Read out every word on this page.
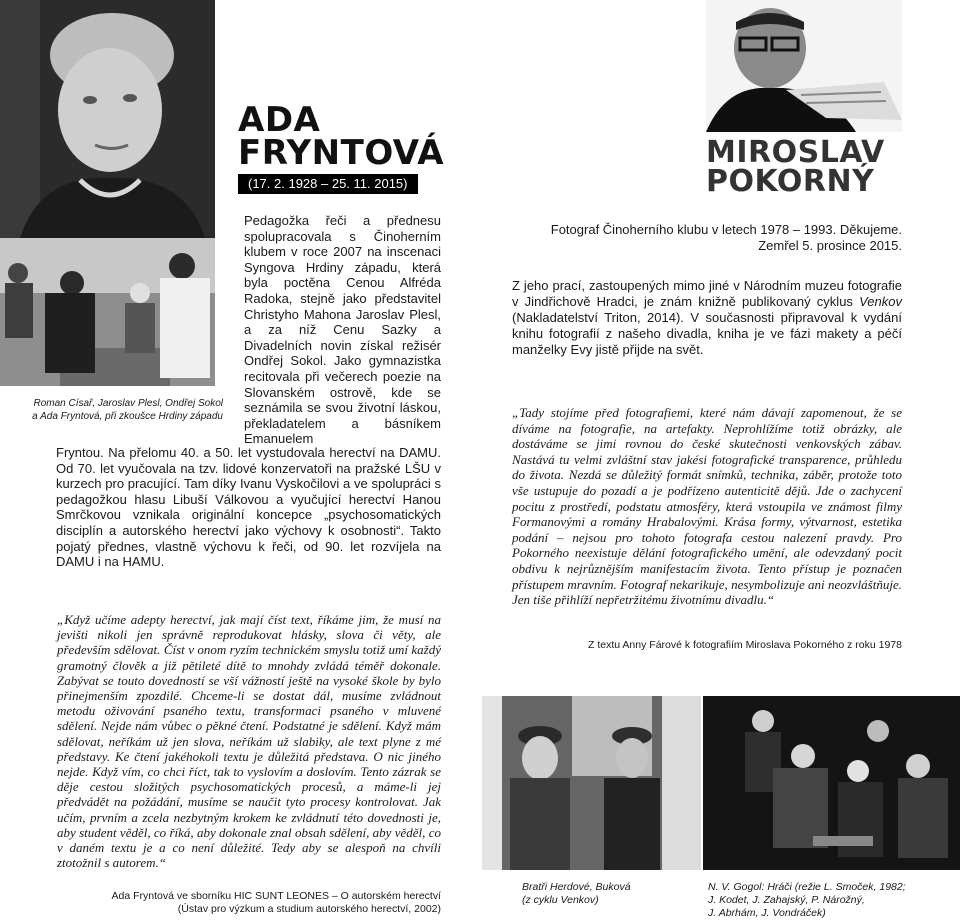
ADA
FRYNTOVÁ
(17. 2. 1928 – 25. 11. 2015)
Roman Císař, Jaroslav Plesl, Ondřej Sokol
a Ada Fryntová, při zkoušce Hrdiny západu

Pedagožka řeči a přednesu spolupracovala s Činoherním klubem v roce 2007 na inscenaci Syngova Hrdiny západu, která byla poctěna Cenou Alfréda Radoka, stejně jako představitel Christyho Mahona Jaroslav Plesl, a za níž Cenu Sazky a Divadelních novin získal režisér Ondřej Sokol. Jako gymnazistka recitovala při večerech poezie na Slovanském ostrově, kde se seznámila se svou životní láskou, překladatelem a básníkem Emanuelem

Fryntou. Na přelomu 40. a 50. let vystudovala herectví na DAMU. Od 70. let vyučovala na tzv. lidové konzervatoři na pražské LŠU v kurzech pro pracující. Tam díky Ivanu Vyskočilovi a ve spolupráci s pedagožkou hlasu Libuší Válkovou a vyučující herectví Hanou Smrčkovou vznikala originální koncepce „psychosomatických disciplín a autorského herectví jako výchovy k osobnosti“. Takto pojatý přednes, vlastně výchovu k řeči, od 90. let rozvíjela na DAMU i na HAMU.

„Když učíme adepty herectví, jak mají číst text, říkáme jim, že musí na jevišti nikoli jen správně reprodukovat hlásky, slova či věty, ale především sdělovat. Číst v onom ryzím technickém smyslu totiž umí každý gramotný člověk a již pětileté dítě to mnohdy zvládá téměř dokonale. Zabývat se touto dovedností se vší vážností ještě na vysoké škole by bylo přinejmenším zpozdilé. Chceme-li se dostat dál, musíme zvládnout metodu oživování psaného textu, transformaci psaného v mluvené sdělení. Nejde nám vůbec o pěkné čtení. Podstatné je sdělení. Když mám sdělovat, neříkám už jen slova, neříkám už slabiky, ale text plyne z mé představy. Ke čtení jakéhokoli textu je důležitá představa. O nic jiného nejde. Když vím, co chci říct, tak to vyslovím a doslovím. Tento zázrak se děje cestou složitých psychosomatických procesů, a máme-li jej předvádět na požádání, musíme se naučit tyto procesy kontrolovat. Jak učím, prvním a zcela nezbytným krokem ke zvládnutí této dovednosti je, aby student věděl, co říká, aby dokonale znal obsah sdělení, aby věděl, co v daném textu je a co není důležité. Tedy aby se alespoň na chvíli ztotožnil s autorem.“

Ada Fryntová ve sborníku HIC SUNT LEONES – O autorském herectví
(Ústav pro výzkum a studium autorského herectví, 2002)
MIROSLAV
POKORNÝ
Fotograf Činoherního klubu v letech 1978 – 1993. Děkujeme.
Zemřel 5. prosince 2015.

Z jeho prací, zastoupených mimo jiné v Národním muzeu fotografie v Jindřichově Hradci, je znám knižně publikovaný cyklus Venkov (Nakladatelství Triton, 2014). V současnosti připravoval k vydání knihu fotografií z našeho divadla, kniha je ve fázi makety a péčí manželky Evy jistě přijde na svět.

„Tady stojíme před fotografiemi, které nám dávají zapomenout, že se díváme na fotografie, na artefakty. Neprohlížíme totiž obrázky, ale dostáváme se jimi rovnou do české skutečnosti venkovských zábav. Nastává tu velmi zvláštní stav jakési fotografické transparence, průhledu do života. Nezdá se důležitý formát snímků, technika, záběr, protože toto vše ustupuje do pozadí a je podřízeno autenticitě dějů. Jde o zachycení pocitu z prostředí, podstatu atmosféry, která vstoupila ve známost filmy Formanovými a romány Hrabalovými. Krása formy, výtvarnost, estetika podání – nejsou pro tohoto fotografa cestou nalezení pravdy. Pro Pokorného neexistuje dělání fotografického umění, ale odevzdaný pocit obdivu k nejrůznějším manifestacím života. Tento přístup je poznačen přístupem mravním. Fotograf nekarikuje, nesymbolizuje ani neozvláštňuje. Jen tiše přihlíží nepřetržitému životnímu divadlu.“

Z textu Anny Fárové k fotografiím Miroslava Pokorného z roku 1978
Bratři Herdové, Buková
(z cyklu Venkov)
N. V. Gogol: Hráči (režie L. Smoček, 1982;
J. Kodet, J. Zahajský, P. Nárožný,
J. Abrhám, J. Vondráček)
